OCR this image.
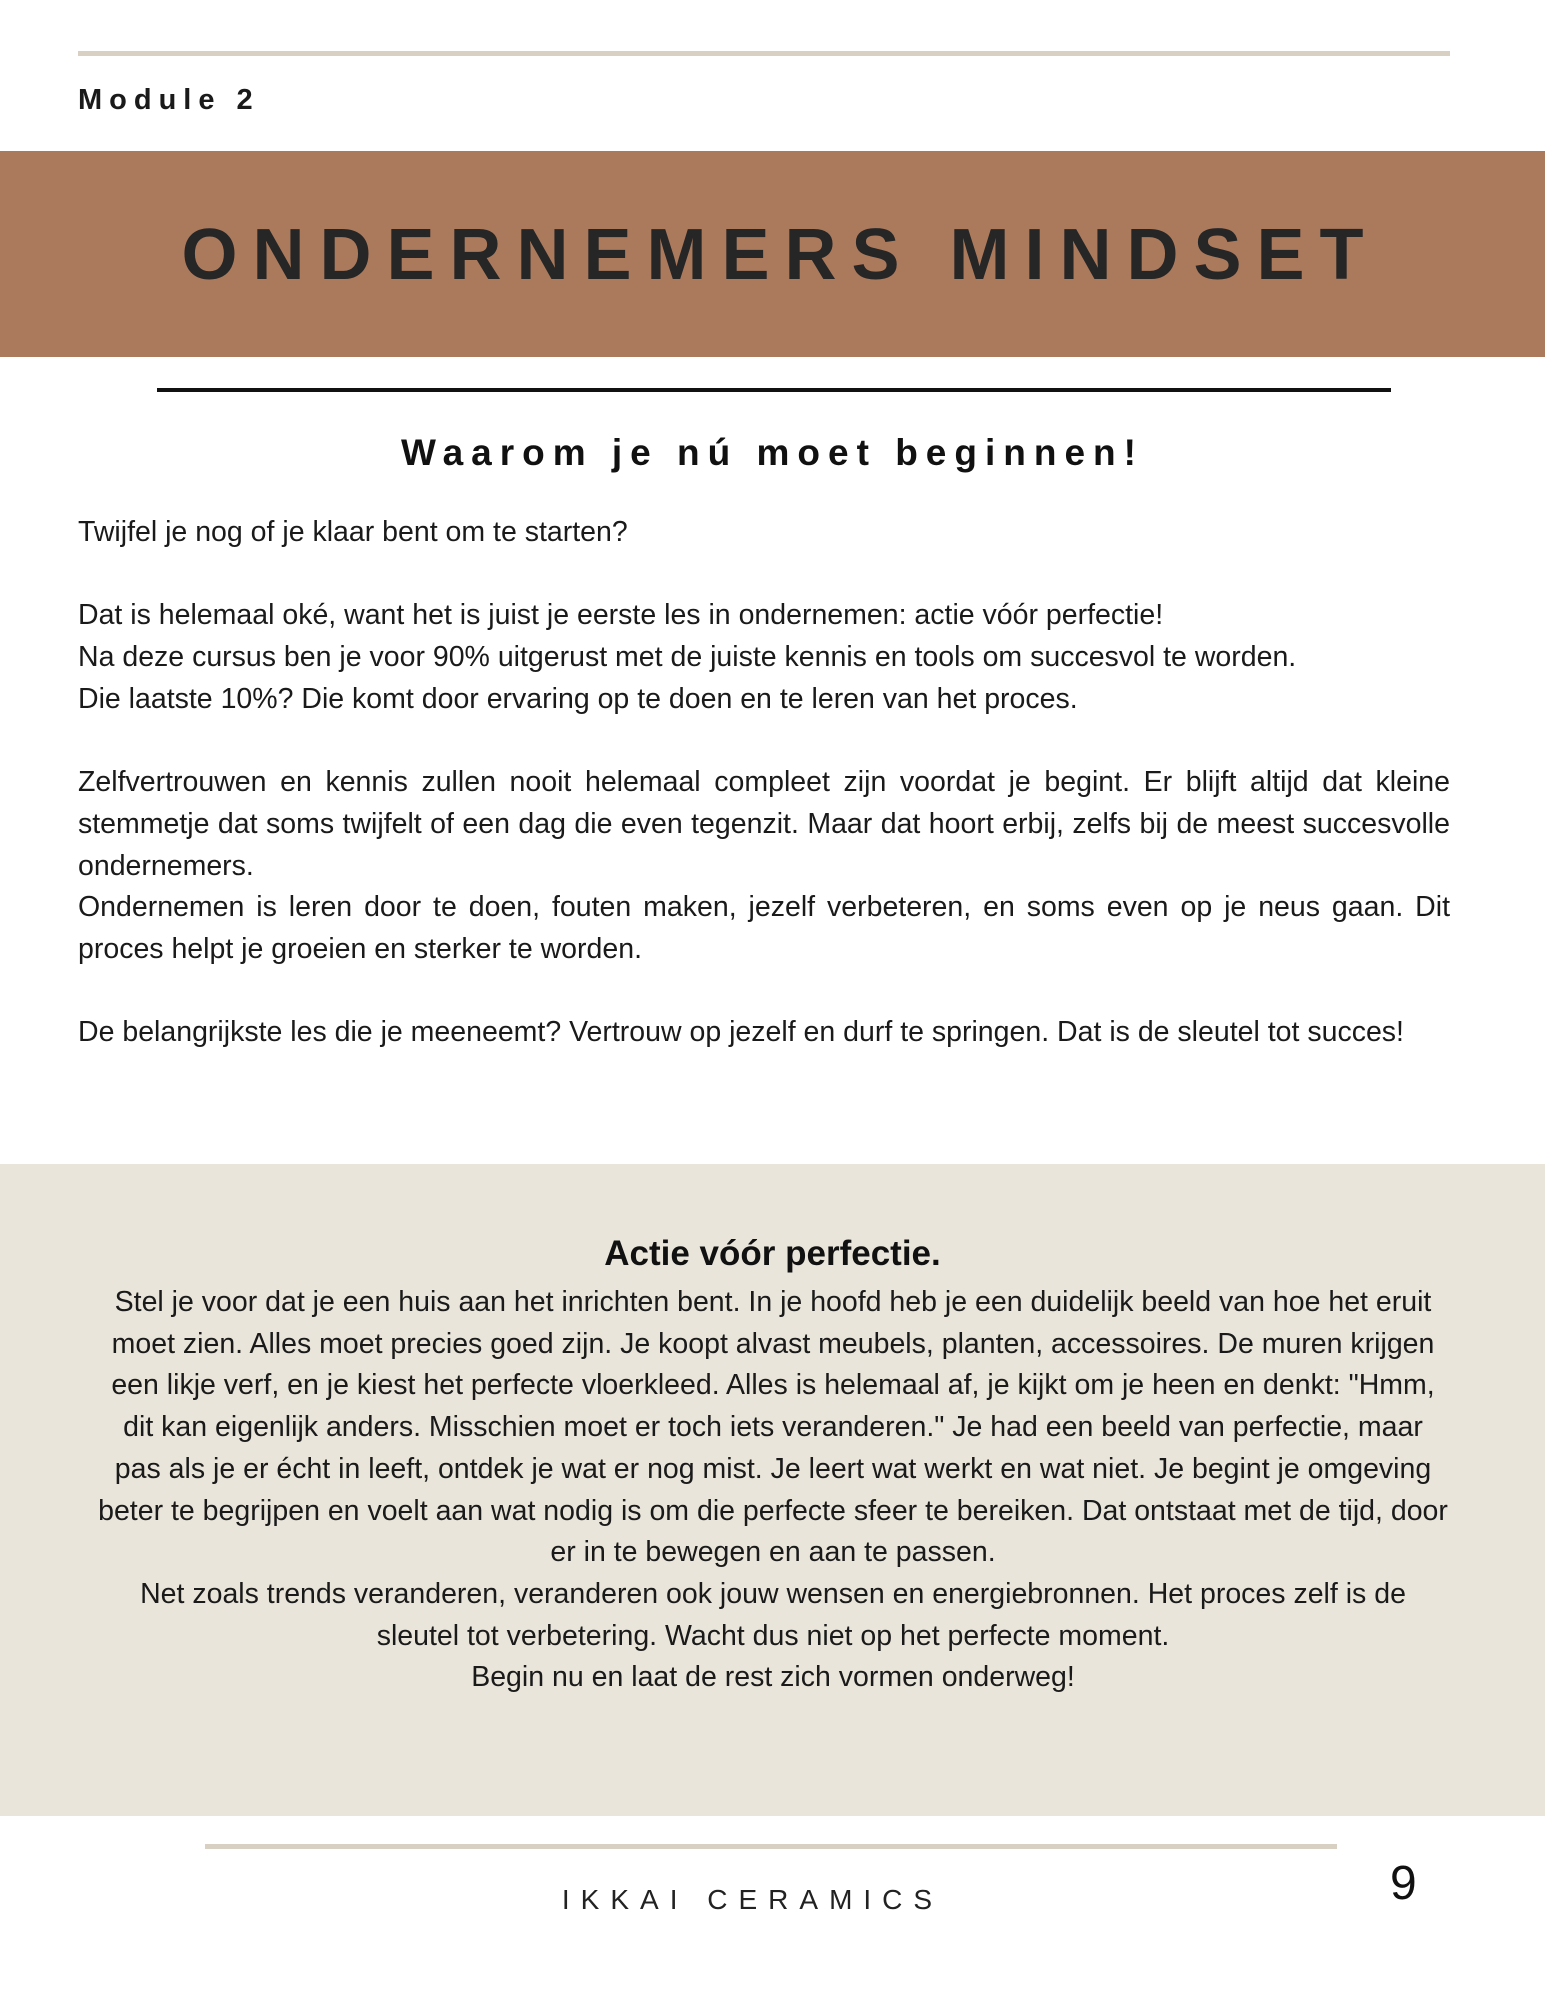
Module 2
ONDERNEMERS MINDSET
Waarom je nú moet beginnen!

Twijfel je nog of je klaar bent om te starten?

Dat is helemaal oké, want het is juist je eerste les in ondernemen: actie vóór perfectie!

Na deze cursus ben je voor 90% uitgerust met de juiste kennis en tools om succesvol te worden.

Die laatste 10%? Die komt door ervaring op te doen en te leren van het proces.

Zelfvertrouwen en kennis zullen nooit helemaal compleet zijn voordat je begint. Er blijft altijd dat kleine stemmetje dat soms twijfelt of een dag die even tegenzit. Maar dat hoort erbij, zelfs bij de meest succesvolle ondernemers.

Ondernemen is leren door te doen, fouten maken, jezelf verbeteren, en soms even op je neus gaan. Dit proces helpt je groeien en sterker te worden.

De belangrijkste les die je meeneemt? Vertrouw op jezelf en durf te springen. Dat is de sleutel tot succes!

Actie vóór perfectie.

Stel je voor dat je een huis aan het inrichten bent. In je hoofd heb je een duidelijk beeld van hoe het eruit moet zien. Alles moet precies goed zijn. Je koopt alvast meubels, planten, accessoires. De muren krijgen een likje verf, en je kiest het perfecte vloerkleed. Alles is helemaal af, je kijkt om je heen en denkt: "Hmm, dit kan eigenlijk anders. Misschien moet er toch iets veranderen." Je had een beeld van perfectie, maar pas als je er écht in leeft, ontdek je wat er nog mist. Je leert wat werkt en wat niet. Je begint je omgeving beter te begrijpen en voelt aan wat nodig is om die perfecte sfeer te bereiken. Dat ontstaat met de tijd, door er in te bewegen en aan te passen.

Net zoals trends veranderen, veranderen ook jouw wensen en energiebronnen. Het proces zelf is de sleutel tot verbetering. Wacht dus niet op het perfecte moment.

Begin nu en laat de rest zich vormen onderweg!

IKKAI CERAMICS	9
